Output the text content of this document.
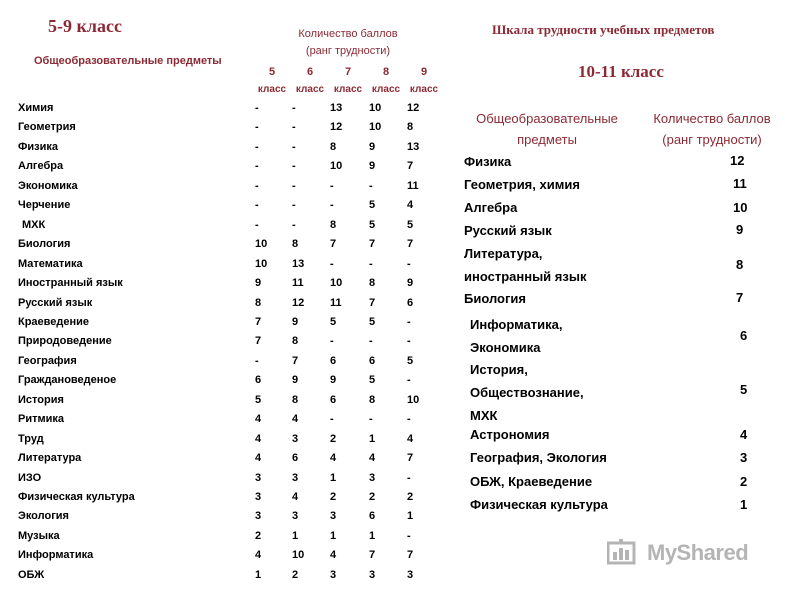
5-9 класс
Общеобразовательные предметы
Количество баллов
(ранг трудности)
5	6	7	8	9
класс класс класс класс класс
Химия	-	-	13	10	12
Геометрия	-	-	12	10	8
Физика	-	-	8	9	13
Алгебра	-	-	10	9	7
Экономика	-	-	-	-	11
Черчение	-	-	-	5	4
МХК	-	-	8	5	5
Биология	10	8	7	7	7
Математика	10	13	-	-	-
Иностранный язык	9	11	10	8	9
Русский язык	8	12	11	7	6
Краеведение	7	9	5	5	-
Природоведение	7	8	-	-	-
География	-	7	6	6	5
Граждановеденое	6	9	9	5	-
История	5	8	6	8	10
Ритмика	4	4	-	-	-
Труд	4	3	2	1	4
Литература	4	6	4	4	7
ИЗО	3	3	1	3	-
Физическая культура	3	4	2	2	2
Экология	3	3	3	6	1
Музыка	2	1	1	1	-
Информатика	4	10	4	7	7
ОБЖ	1	2	3	3	3
Шкала трудности учебных предметов
10-11 класс
Общеобразовательные
предметы
Количество баллов
(ранг трудности)
Физика	12
Геометрия, химия	11
Алгебра	10
Русский язык	9
Литература,
иностранный язык
8
Биология	7
Информатика,
Экономика
6
История,
Обществознание,
МХК
5
Астрономия	4
География, Экология	3
ОБЖ, Краеведение	2
Физическая культура	1
MyShared
